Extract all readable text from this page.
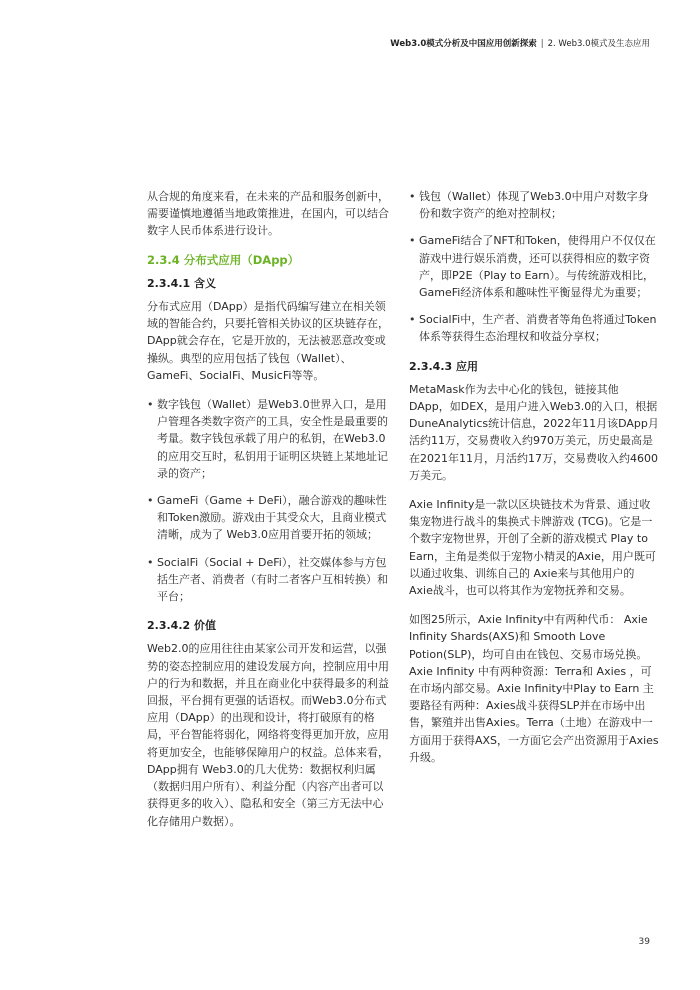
Web3.0模式分析及中国应用创新探索 | 2. Web3.0模式及生态应用

从合规的角度来看，在未来的产品和服务创新中，需要谨慎地遵循当地政策推进，在国内，可以结合数字人民币体系进行设计。

2.3.4 分布式应用（DApp）
2.3.4.1 含义

分布式应用（DApp）是指代码编写建立在相关领域的智能合约，只要托管相关协议的区块链存在，DApp就会存在，它是开放的，无法被恶意改变或操纵。典型的应用包括了钱包（Wallet）、GameFi、SocialFi、MusicFi等等。

• 数字钱包（Wallet）是Web3.0世界入口，是用户管理各类数字资产的工具，安全性是最重要的考量。数字钱包承载了用户的私钥，在Web3.0的应用交互时，私钥用于证明区块链上某地址记录的资产；
• GameFi（Game + DeFi），融合游戏的趣味性和Token激励。游戏由于其受众大，且商业模式清晰，成为了 Web3.0应用首要开拓的领域；
• SocialFi（Social + DeFi），社交媒体参与方包括生产者、消费者（有时二者客户互相转换）和平台；
2.3.4.2 价值

Web2.0的应用往往由某家公司开发和运营，以强势的姿态控制应用的建设发展方向，控制应用中用户的行为和数据，并且在商业化中获得最多的利益回报，平台拥有更强的话语权。而Web3.0分布式应用（DApp）的出现和设计，将打破原有的格局，平台智能将弱化，网络将变得更加开放，应用将更加安全，也能够保障用户的权益。总体来看，DApp拥有 Web3.0的几大优势：数据权利归属（数据归用户所有）、利益分配（内容产出者可以获得更多的收入）、隐私和安全（第三方无法中心化存储用户数据）。

• 钱包（Wallet）体现了Web3.0中用户对数字身份和数字资产的绝对控制权；
• GameFi结合了NFT和Token，使得用户不仅仅在游戏中进行娱乐消费，还可以获得相应的数字资产，即P2E（Play to Earn）。与传统游戏相比，GameFi经济体系和趣味性平衡显得尤为重要；
• SocialFi中，生产者、消费者等角色将通过Token体系等获得生态治理权和收益分享权；
2.3.4.3 应用

MetaMask作为去中心化的钱包，链接其他DApp，如DEX，是用户进入Web3.0的入口，根据DuneAnalytics统计信息，2022年11月该DApp月活约11万，交易费收入约970万美元，历史最高是在2021年11月，月活约17万，交易费收入约4600万美元。

Axie Infinity是一款以区块链技术为背景、通过收集宠物进行战斗的集换式卡牌游戏 (TCG)。它是一个数字宠物世界，开创了全新的游戏模式 Play to Earn，主角是类似于宠物小精灵的Axie，用户既可以通过收集、训练自己的 Axie来与其他用户的 Axie战斗，也可以将其作为宠物抚养和交易。

如图25所示，Axie Infinity中有两种代币： Axie Infinity Shards(AXS)和 Smooth Love Potion(SLP)，均可自由在钱包、交易市场兑换。Axie Infinity 中有两种资源：Terra和 Axies ，可在市场内部交易。Axie Infinity中Play to Earn 主要路径有两种：Axies战斗获得SLP并在市场中出售，繁殖并出售Axies。Terra（土地）在游戏中一方面用于获得AXS，一方面它会产出资源用于Axies升级。

39
